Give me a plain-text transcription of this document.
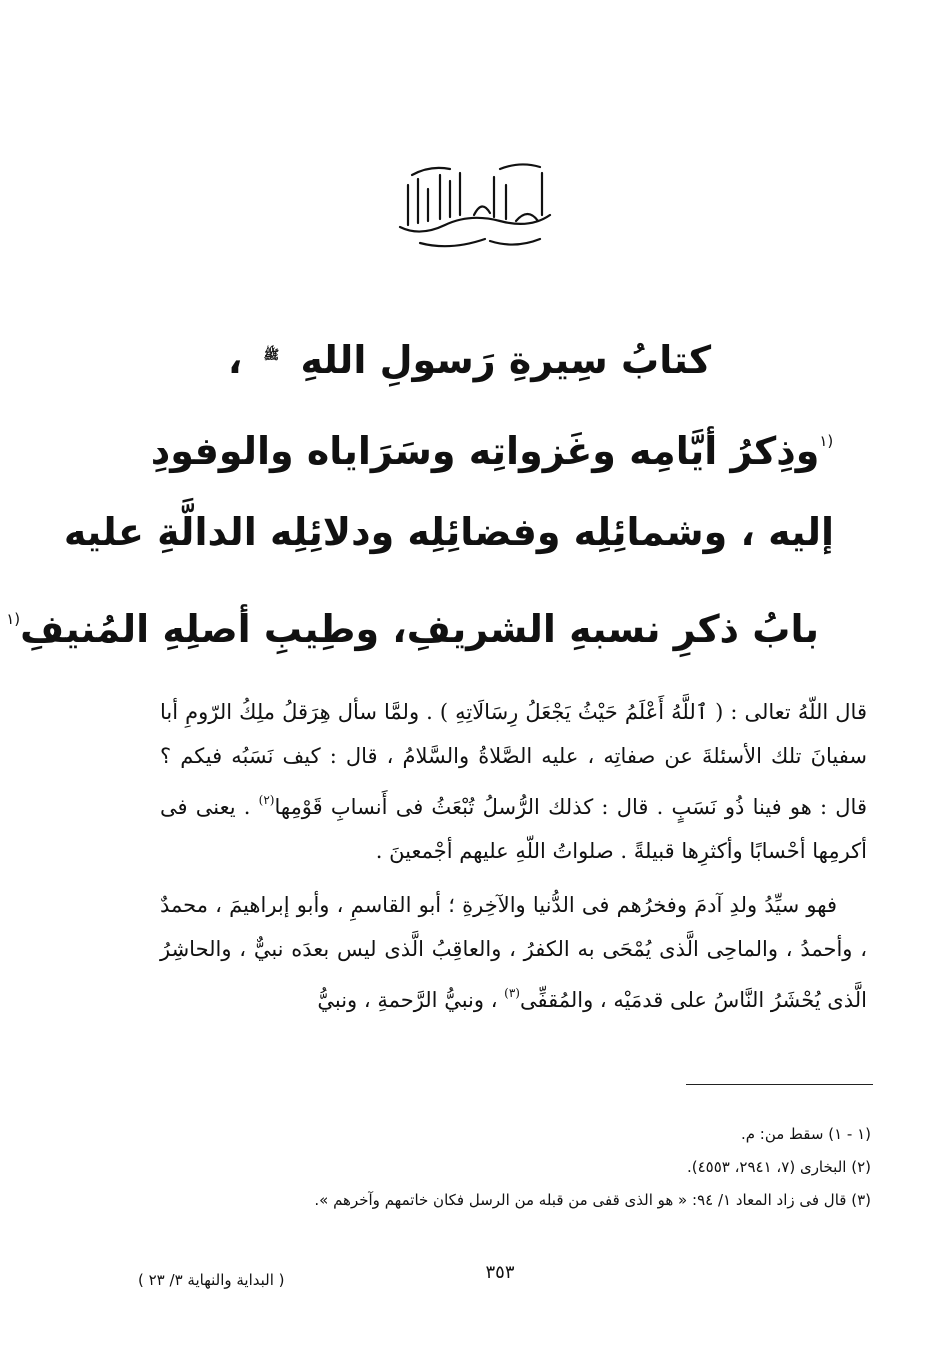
كتابُ سِيرةِ رَسولِ اللهِ $^ﷺ$ ،

$^{(١}$وذِكرُ أيَّامِه وغَزواتِه وسَرَاياه والوفودِ

إليه ، وشمائِلِه وفضائِلِه ودلائِلِه الدالَّةِ عليه

بابُ ذكرِ نسبهِ الشريفِ، وطِيبِ أصلِهِ المُنيفِ$^{(١}$

قال اللّهُ تعالى : ( ٱللَّهُ أَعْلَمُ حَيْثُ يَجْعَلُ رِسَالَاتِهِ ) . ولمَّا سأل هِرَقلُ ملِكُ الرّومِ أبا سفيانَ تلك الأسئلةَ عن صفاتِه ، عليه الصَّلاةُ والسَّلامُ ، قال : كيف نَسَبُه فيكم ؟ قال : هو فينا ذُو نَسَبٍ . قال : كذلك الرُّسلُ تُبْعَثُ فى أَنسابِ قَوْمِها$^{(٢)}$ . يعنى فى أكرمِها أحْسابًا وأكثرِها قبيلةً . صلواتُ اللّهِ عليهم أجْمعينَ .

فهو سيِّدُ ولدِ آدمَ وفخرُهم فى الدُّنيا والآخِرةِ ؛ أبو القاسمِ ، وأبو إبراهيمَ ، محمدٌ ، وأحمدُ ، والماحِى الَّذى يُمْحَى به الكفرُ ، والعاقِبُ الَّذى ليس بعدَه نبيٌّ ، والحاشِرُ الَّذى يُحْشَرُ النَّاسُ على قدمَيْه ، والمُقفِّى$^{(٣)}$ ، ونبيُّ الرَّحمةِ ، ونبيُّ

(١ - ١) سقط من: م.

(٢) البخارى (٧، ٢٩٤١، ٤٥٥٣).

(٣) قال فى زاد المعاد ١/ ٩٤: « هو الذى قفى من قبله من الرسل فكان خاتمهم وآخرهم ».

٣٥٣
( البداية والنهاية ٣/ ٢٣ )
